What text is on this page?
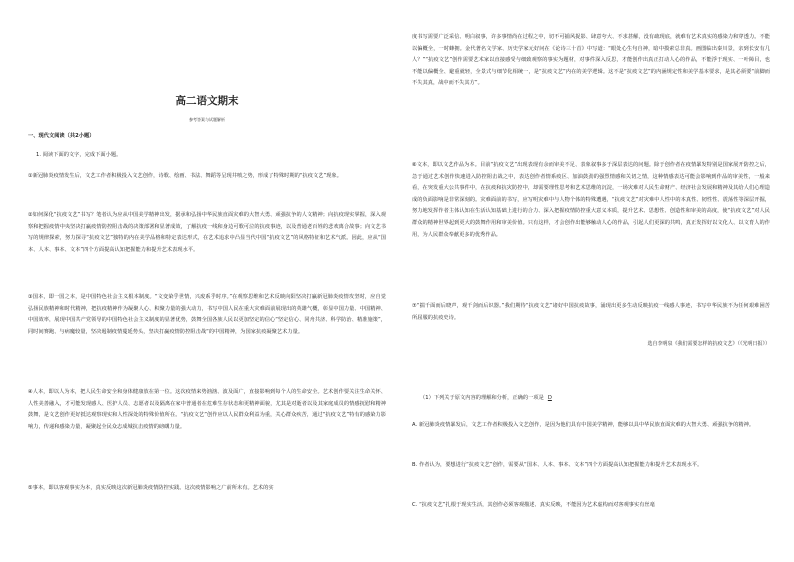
高二语文期末
参考答案与试题解析

一、现代文阅读（共2小题）

1. 阅读下面的文字，完成下面小题。

①新冠肺炎疫情发生后，文艺工作者积极投入文艺创作，诗歌、绘画、书法、舞蹈等呈现井喷之势，形成了特殊时期的“抗疫文艺”现象。

②如何深化“抗疫文艺”书写？笔者认为应从中国美学精神出发，据承和弘扬中华民族直面灾难的大智大勇、顽强抗争的人文精神；向抗疫现实掌握，深入观察和把握疫情中央坚决打赢疫情防控阻击战的决策部署和显著成效，了解抗疫一线和身边可歌可泣的抗疫事迹，以及普通老百姓的悲欢离合故事；向文艺书写的规律探索，努力探寻“抗疫文艺”独特的内在美学品格和特定表达形式，在艺术追求中凸显当代中国“抗疫文艺”的风格特征和艺术气派。因此，应从“国本、人本、事本、文本”四个方面提高认知把握能力和提升艺术表现水平。

③国本，即一国之本，是中国特色社会主义根本制度。“文变染乎世情，兴废系乎时序。”在观察思维和艺术反映向阳坚决打赢新冠肺炎疫情攻坚时，应自觉弘扬民族精神和时代精神，把抗疫精神作为凝聚人心、积聚力量的强大动力，书写中国人民在重大灾难面前展现出的英雄气概，彰显中国力量、中国精神、中国效率，展现中国共产党领导的中国特色社会主义制度的显著优势，鼓舞全国各族人民以更加坚定的信心“坚定信心、同舟共济、科学防治、精准施策”，同时间赛跑、与病魔较量，坚决遏制疫情蔓延势头，坚决打赢疫情防控阻击战“的中国精神，为国家抗疫凝聚艺术力量。

④人本，即以人为本，把人民生命安全和身体健康放在第一位。这次疫情来势汹汹、波及面广，直接影响到每个人的生命安全。艺术创作要关注生命关怀、人性美善融入，才可能发现感人、医护人员、志愿者以及隔离在家中普通者在危难生存状态和更精神面貌，尤其是对逝者以及其家庭成员的情感抚慰和精神鼓舞，是文艺创作更好抵达观察现实和人性深处的特殊价值所在。“抗疫文艺”创作应以人民群众利益为重，关心群众疾苦，通过“抗疫文艺”特有的感染力影响力，传递和感染力量，凝聚起全民众志成城抗击疫情的磅礴力量。

⑤事本，即以客观事实为本，真实反映这次新冠肺炎疫情防控实践。这次疫情影响之广前所未有。艺术的实

度书写需要广泛采信、明白叙事，许多事情尚在过程之中，切不可捕风捉影、肆意夸大、不求甚解，没有疏现底，就难有艺术真实的感染力和穿透力。不能以偏概全，一时蜂拥。金代著名文学家、历史学家元好问在《论诗三十首》中写道：“眼处心生句自神，暗中摸索总非真。画图临出秦川景，亲到长安有几人？”“抗疫文艺”创作需要艺术家以直接感受与细致观察的事实为题材，对事件深入反思，才能创作出真正打动人心的作品，不能浮于现实、一叶障目，也不能以偏概全、避重就轻，全景式与细节化相统一，是“抗疫文艺”内在的美学逻辑。这不是“抗疫文艺”的内涵规定性和美学基本要求，是其必须要“前脚而不失其真，战中而不失其方”。

⑥文本，即以文艺作品为本。目前“抗疫文艺”出现表现有余而审美不足、表象叙事多于深层表达的问题。除于创作者在疫情暴发特别是国家展开防控之后，急于通过艺术创作快速进入防控阻击战之中，表达创作者情系疫区、加油鼓劲的强烈情感和关切之情，这种情感表达可能会影响到作品的审美性，一般来看，在突发重大公共事件中，在抗疫和抗灾防控中，却需要理性思考和艺术思维的沉淀，一场灾难对人民生命财产、经济社会发展和精神及其给人们心理造成的负面影响是非常深刻的。灾难面前的书写，应写明灾难中与人物个体的特殊遭遇，“抗疫文艺”对灾难中人性中的本真性、韧性性、震荡性等深层开掘，努力地发挥作者主体认知在生活认知基础上进行的合力、深入把握疫情防控重大意义本质，提升艺术、思想性、创造性和审美的高度，使“抗疫文艺”对人民群众的精神世界起到更大的鼓舞作用和审美价值。只有这样，才会创作出能够触动人心的作品，引起人们更深的共鸣，真正发挥好以文化人、以文育人的作用，为人民群众奉献更多的优秀作品。

⑦“揣千面而后晓声，观千剑而后识器。”我们期待“抗疫文艺”诸好中国抗疫故事，涌现出更多生动反映抗疫一线感人事迹，书写中华民族不为任何艰难困苦所屈服的抗疫史诗。

选自李明泉《我们需要怎样的抗疫文艺》（《光明日报》）

（1）下列关于原文内容的理解和分析，正确的一项是 D

A. 新冠肺炎疫情暴发后，文艺工作者积极投入文艺创作，是因为他们具有中国美学精神，能够以具中华民族直面灾难的大智大勇、顽强抗争的精神。

B. 作者认为，要想进行“抗疫文艺”创作，需要从“国本、人本、事本、文本”四个方面提高认知把握能力和提升艺术表现水平。

C. “抗疫文艺”扎根于现实生活，其创作必须客观描述、真实反映，不能因为艺术虚构而对客观事实有丝毫
